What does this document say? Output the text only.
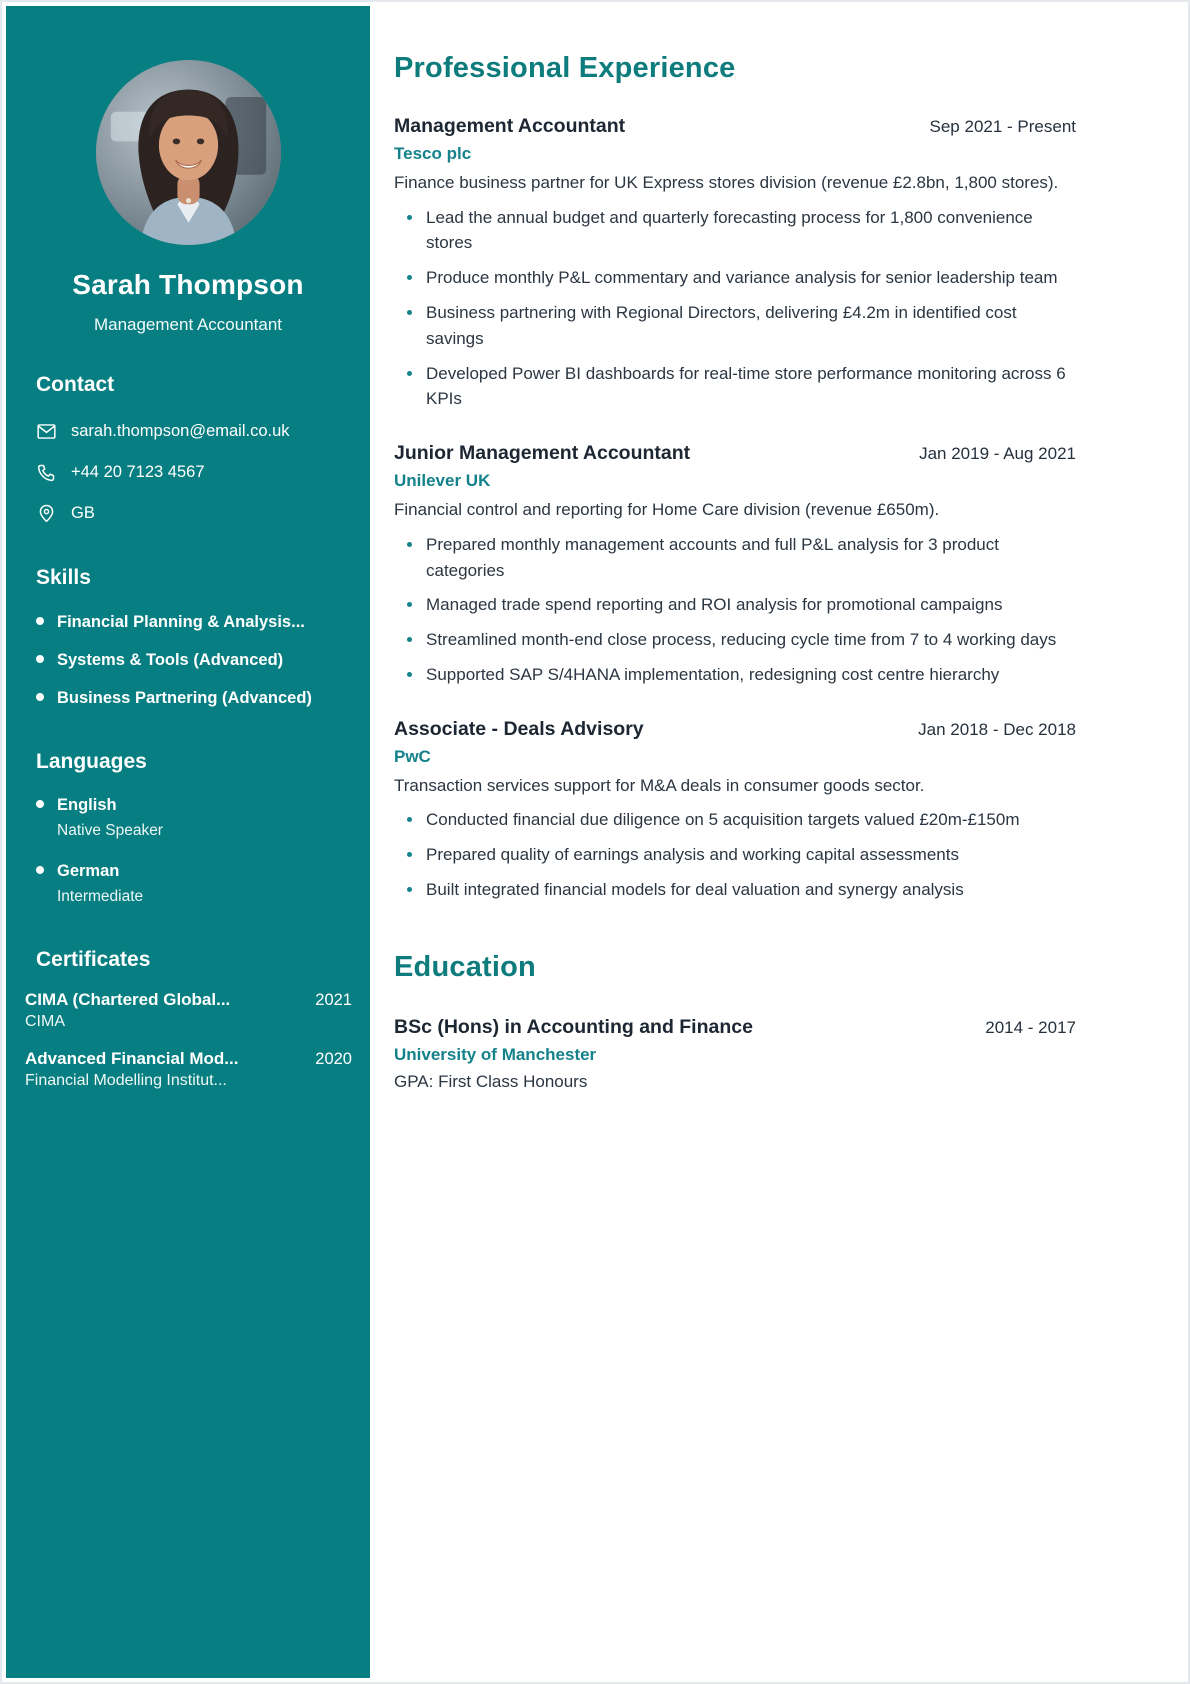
Sarah Thompson
Management Accountant
Contact
sarah.thompson@email.co.uk
+44 20 7123 4567
GB
Skills
Financial Planning & Analysis...
Systems & Tools (Advanced)
Business Partnering (Advanced)
Languages
English
Native Speaker
German
Intermediate
Certificates
CIMA (Chartered Global...	2021
CIMA
Advanced Financial Mod...	2020
Financial Modelling Institut...
Professional Experience
Management Accountant	Sep 2021 - Present
Tesco plc
Finance business partner for UK Express stores division (revenue £2.8bn, 1,800 stores).
Lead the annual budget and quarterly forecasting process for 1,800 convenience stores
Produce monthly P&L commentary and variance analysis for senior leadership team
Business partnering with Regional Directors, delivering £4.2m in identified cost savings
Developed Power BI dashboards for real-time store performance monitoring across 6 KPIs
Junior Management Accountant	Jan 2019 - Aug 2021
Unilever UK
Financial control and reporting for Home Care division (revenue £650m).
Prepared monthly management accounts and full P&L analysis for 3 product categories
Managed trade spend reporting and ROI analysis for promotional campaigns
Streamlined month-end close process, reducing cycle time from 7 to 4 working days
Supported SAP S/4HANA implementation, redesigning cost centre hierarchy
Associate - Deals Advisory	Jan 2018 - Dec 2018
PwC
Transaction services support for M&A deals in consumer goods sector.
Conducted financial due diligence on 5 acquisition targets valued £20m-£150m
Prepared quality of earnings analysis and working capital assessments
Built integrated financial models for deal valuation and synergy analysis
Education
BSc (Hons) in Accounting and Finance	2014 - 2017
University of Manchester
GPA: First Class Honours
